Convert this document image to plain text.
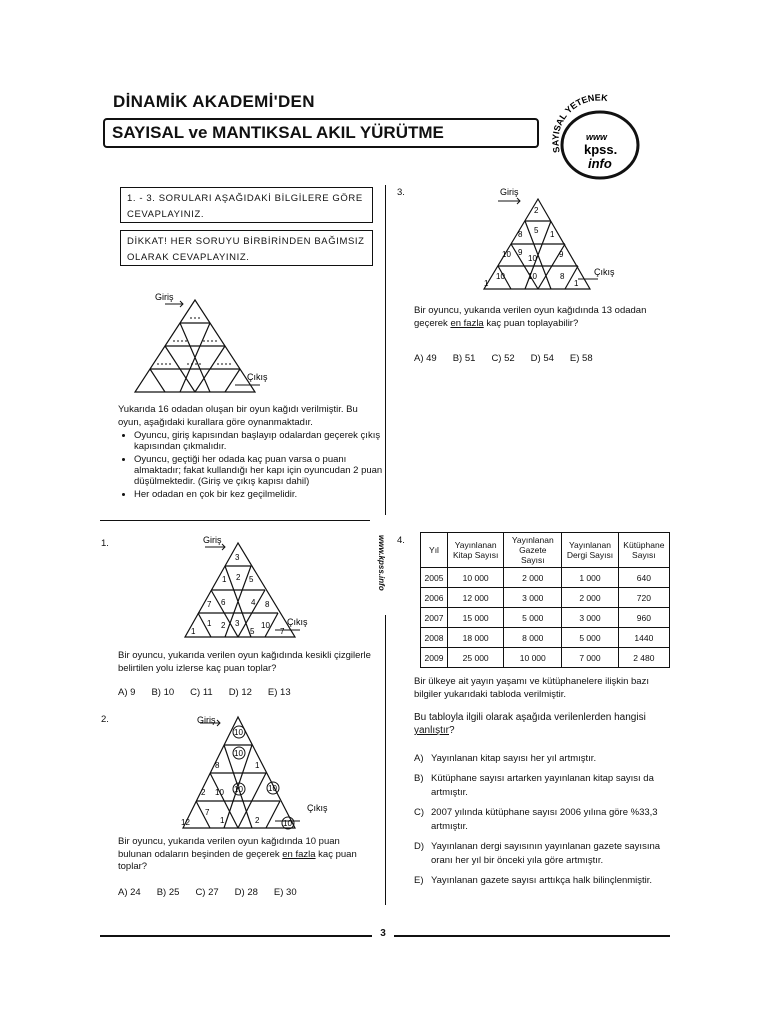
DİNAMİK AKADEMİ'DEN
SAYISAL ve MANTIKSAL AKIL YÜRÜTME
SAYISAL YETENEK
www
kpss.
info
1. - 3. SORULARI AŞAĞIDAKİ BİLGİLERE GÖRE CEVAPLAYINIZ.
DİKKAT! HER SORUYU BİRBİRİNDEN BAĞIMSIZ OLARAK CEVAPLAYINIZ.
Giriş
Çıkış
Yukarıda 16 odadan oluşan bir oyun kağıdı verilmiştir. Bu oyun, aşağıdaki kurallara göre oynanmaktadır.
• Oyuncu, giriş kapısından başlayıp odalardan geçerek çıkış kapısından çıkmalıdır.
• Oyuncu, geçtiği her odada kaç puan varsa o puanı almaktadır; fakat kullandığı her kapı için oyuncudan 2 puan düşülmektedir. (Giriş ve çıkış kapısı dahil)
• Her odadan en çok bir kez geçilmelidir.
www.kpss.info
1.	Giriş
Çıkış
3
1 2 5
7 6	4 8
1 2 3	10
1	5	7
Bir oyuncu, yukarıda verilen oyun kağıdında kesikli çizgilerle belirtilen yolu izlerse kaç puan toplar?
A) 9 B) 10 C) 11 D) 12 E) 13
2.	Giriş
Çıkış
10
10
8	1
10
2	10
10
12
7
1	2
10
Bir oyuncu, yukarıda verilen oyun kağıdında 10 puan bulunan odaların beşinden de geçerek en fazla kaç puan toplar?
A) 24 B) 25 C) 27 D) 28 E) 30
3.	Giriş
Çıkış
2
8 5 1
10 9
10	9
10	10	8
1	1
Bir oyuncu, yukarıda verilen oyun kağıdında 13 odadan geçerek en fazla kaç puan toplayabilir?
A) 49 B) 51 C) 52 D) 54 E) 58
4.
Yıl	Yayınlanan Kitap Sayısı	Yayınlanan Gazete Sayısı	Yayınlanan Dergi Sayısı	Kütüphane Sayısı
2005	10 000	2 000	1 000	640
2006	12 000	3 000	2 000	720
2007	15 000	5 000	3 000	960
2008	18 000	8 000	5 000	1440
2009	25 000	10 000	7 000	2 480
Bir ülkeye ait yayın yaşamı ve kütüphanelere ilişkin bazı bilgiler yukarıdaki tabloda verilmiştir.
Bu tabloyla ilgili olarak aşağıda verilenlerden hangisi yanlıştır?
A) Yayınlanan kitap sayısı her yıl artmıştır.
B) Kütüphane sayısı artarken yayınlanan kitap sayısı da artmıştır.
C) 2007 yılında kütüphane sayısı 2006 yılına göre %33,3 artmıştır.
D) Yayınlanan dergi sayısının yayınlanan gazete sayısına oranı her yıl bir önceki yıla göre artmıştır.
E) Yayınlanan gazete sayısı arttıkça halk bilinçlenmiştir.
3
